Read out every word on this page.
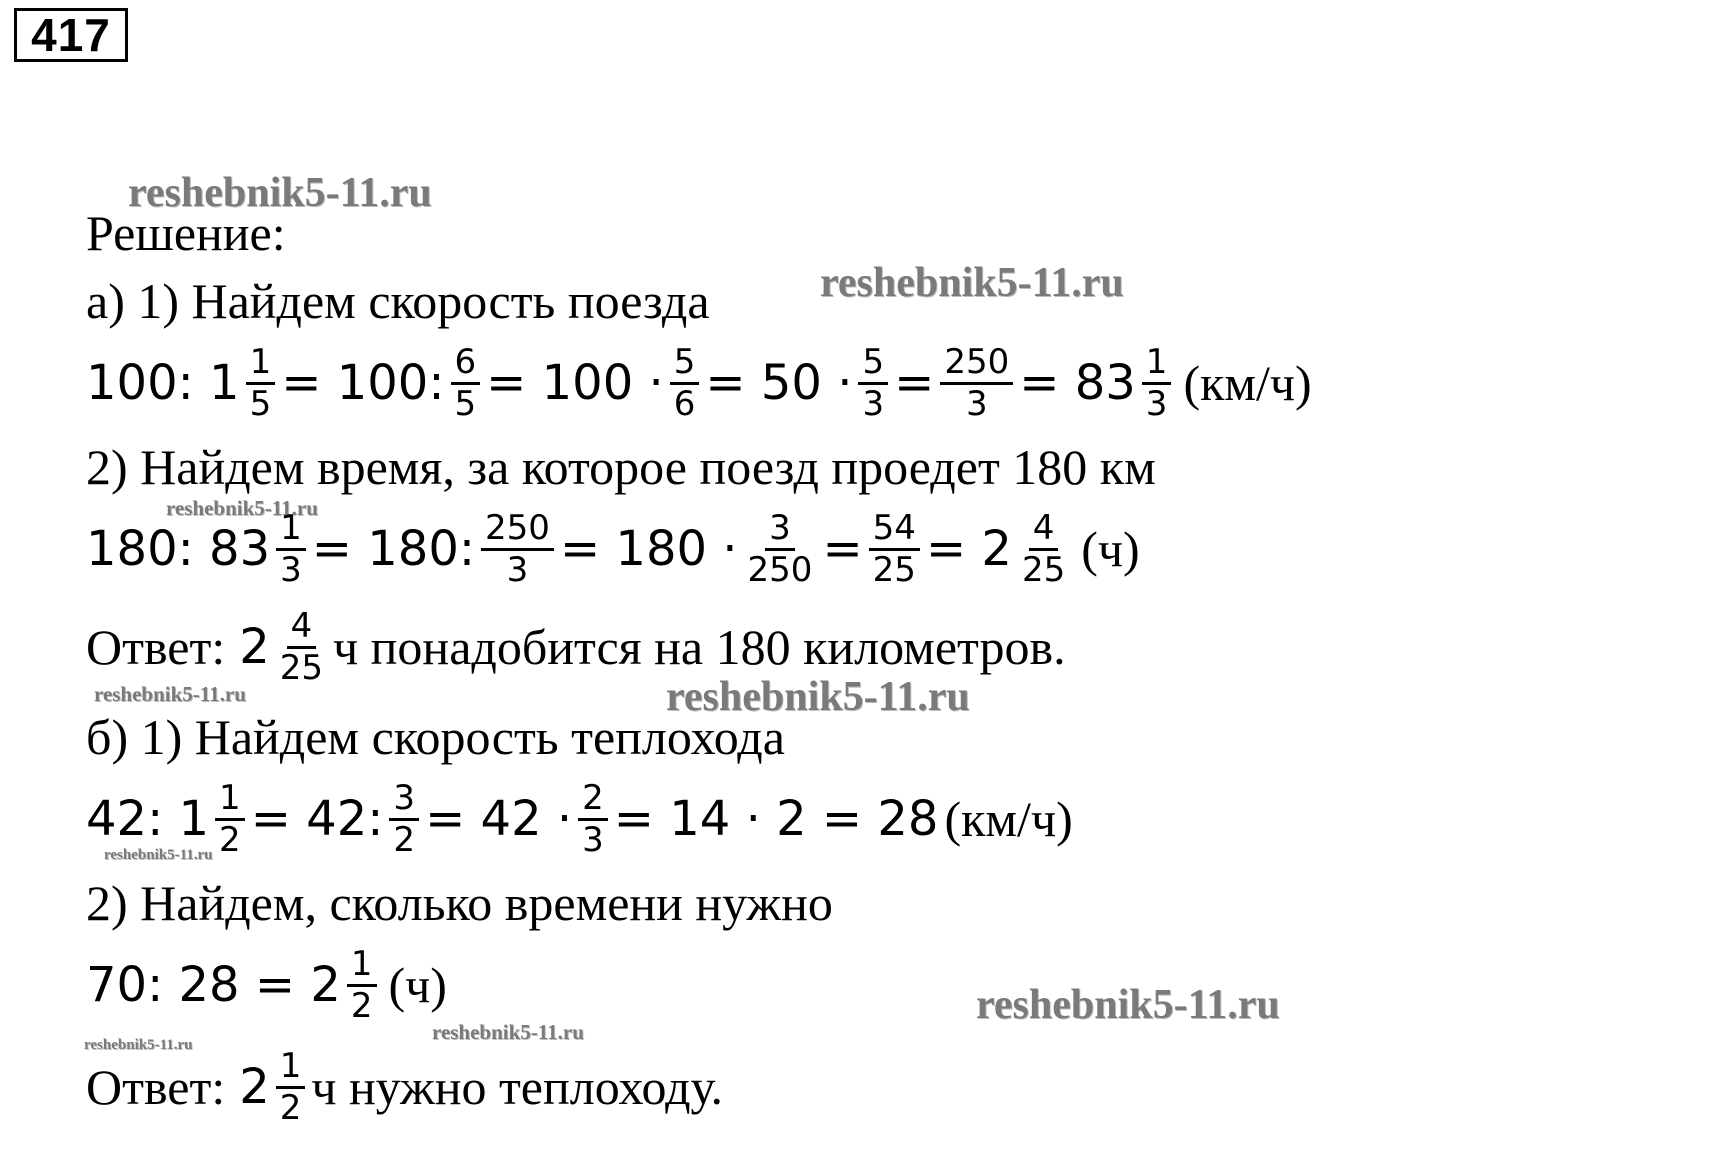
417
reshebnik5-11.ru
reshebnik5-11.ru
reshebnik5-11.ru
reshebnik5-11.ru	reshebnik5-11.ru
reshebnik5-11.ru
reshebnik5-11.ru
reshebnik5-11.ru
reshebnik5-11.ru
Решение:
а) 1) Найдем скорость поезда
100: $1 \frac{1}{5} = 100$: $\frac{6}{5} = 100 \cdot \frac{5}{6} = 50 \cdot \frac{5}{3} = \frac{250}{3} = 83 \frac{1}{3} (км/ч)$
2) Найдем время, за которое поезд проедет 180 км
180: $83 \frac{1}{3} = 180$: $\frac{250}{3} = 180 \cdot \frac{3}{250} = \frac{54}{25} = 2 \frac{4}{25} (ч)$
Ответ: $2 \frac{4}{25}$ ч понадобится на 180 километров.
б) 1) Найдем скорость теплохода
42: $1 \frac{1}{2} = 42$: $\frac{3}{2} = 42 \cdot \frac{2}{3} = 14 \cdot 2 = 28$ (км/ч)
2) Найдем, сколько времени нужно
70: $28 = 2 \frac{1}{2} (ч)$
Ответ: $2 \frac{1}{2}$ ч нужно теплоходу.
